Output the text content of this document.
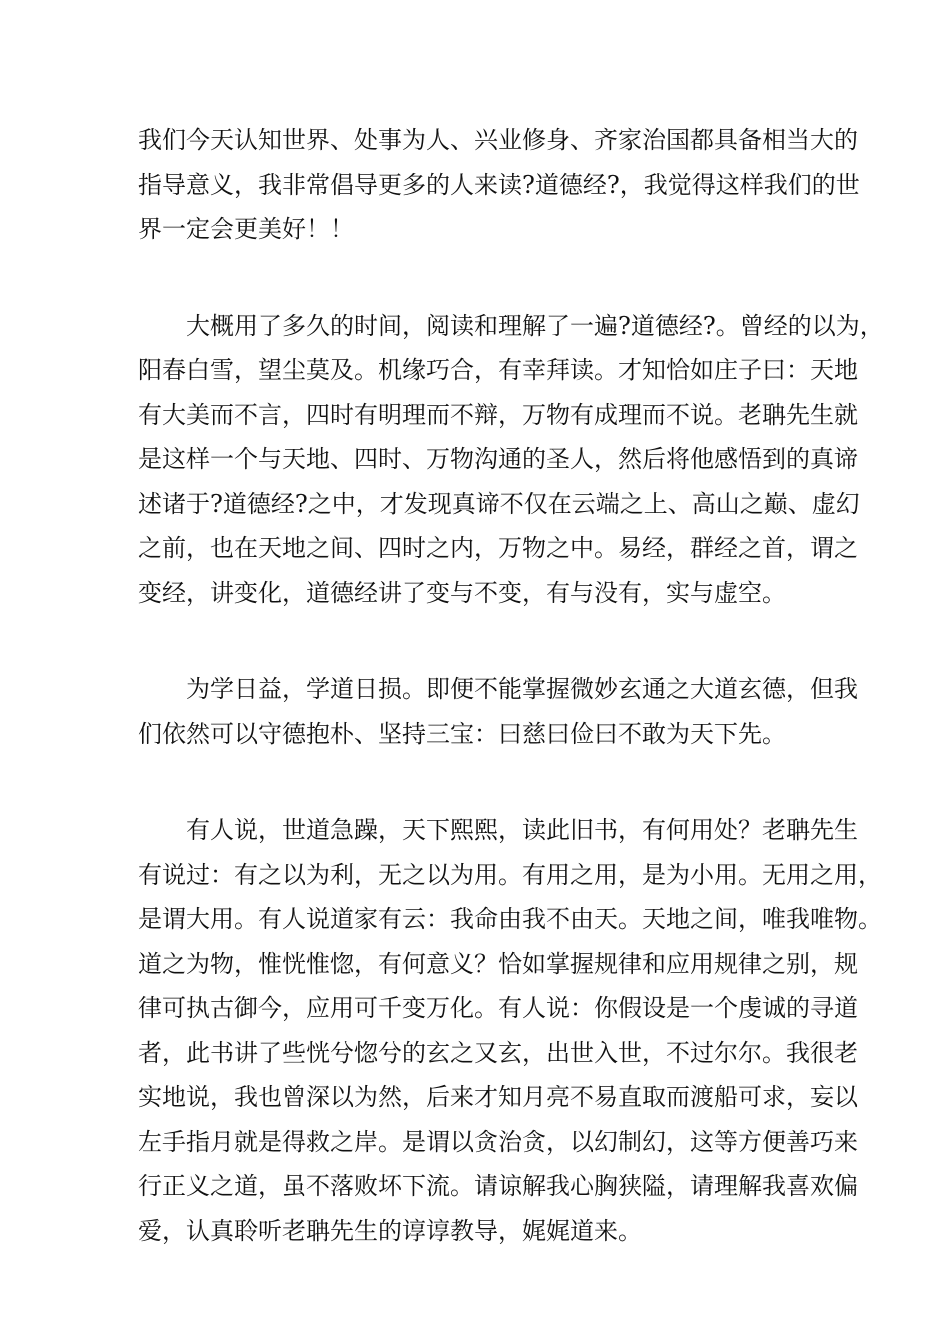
我们今天认知世界、处事为人、兴业修身、齐家治国都具备相当大的
指导意义，我非常倡导更多的人来读?道德经?，我觉得这样我们的世
界一定会更美好！！
大概用了多久的时间，阅读和理解了一遍?道德经?。曾经的以为，
阳春白雪，望尘莫及。机缘巧合，有幸拜读。才知恰如庄子曰：天地
有大美而不言，四时有明理而不辩，万物有成理而不说。老聃先生就
是这样一个与天地、四时、万物沟通的圣人，然后将他感悟到的真谛
述诸于?道德经?之中，才发现真谛不仅在云端之上、高山之巅、虚幻
之前，也在天地之间、四时之内，万物之中。易经，群经之首，谓之
变经，讲变化，道德经讲了变与不变，有与没有，实与虚空。
为学日益，学道日损。即便不能掌握微妙玄通之大道玄德，但我
们依然可以守德抱朴、坚持三宝：曰慈曰俭曰不敢为天下先。
有人说，世道急躁，天下熙熙，读此旧书，有何用处？老聃先生
有说过：有之以为利，无之以为用。有用之用，是为小用。无用之用，
是谓大用。有人说道家有云：我命由我不由天。天地之间，唯我唯物。
道之为物，惟恍惟惚，有何意义？恰如掌握规律和应用规律之别，规
律可执古御今，应用可千变万化。有人说：你假设是一个虔诚的寻道
者，此书讲了些恍兮惚兮的玄之又玄，出世入世，不过尔尔。我很老
实地说，我也曾深以为然，后来才知月亮不易直取而渡船可求，妄以
左手指月就是得救之岸。是谓以贪治贪，以幻制幻，这等方便善巧来
行正义之道，虽不落败坏下流。请谅解我心胸狭隘，请理解我喜欢偏
爱，认真聆听老聃先生的谆谆教导，娓娓道来。
